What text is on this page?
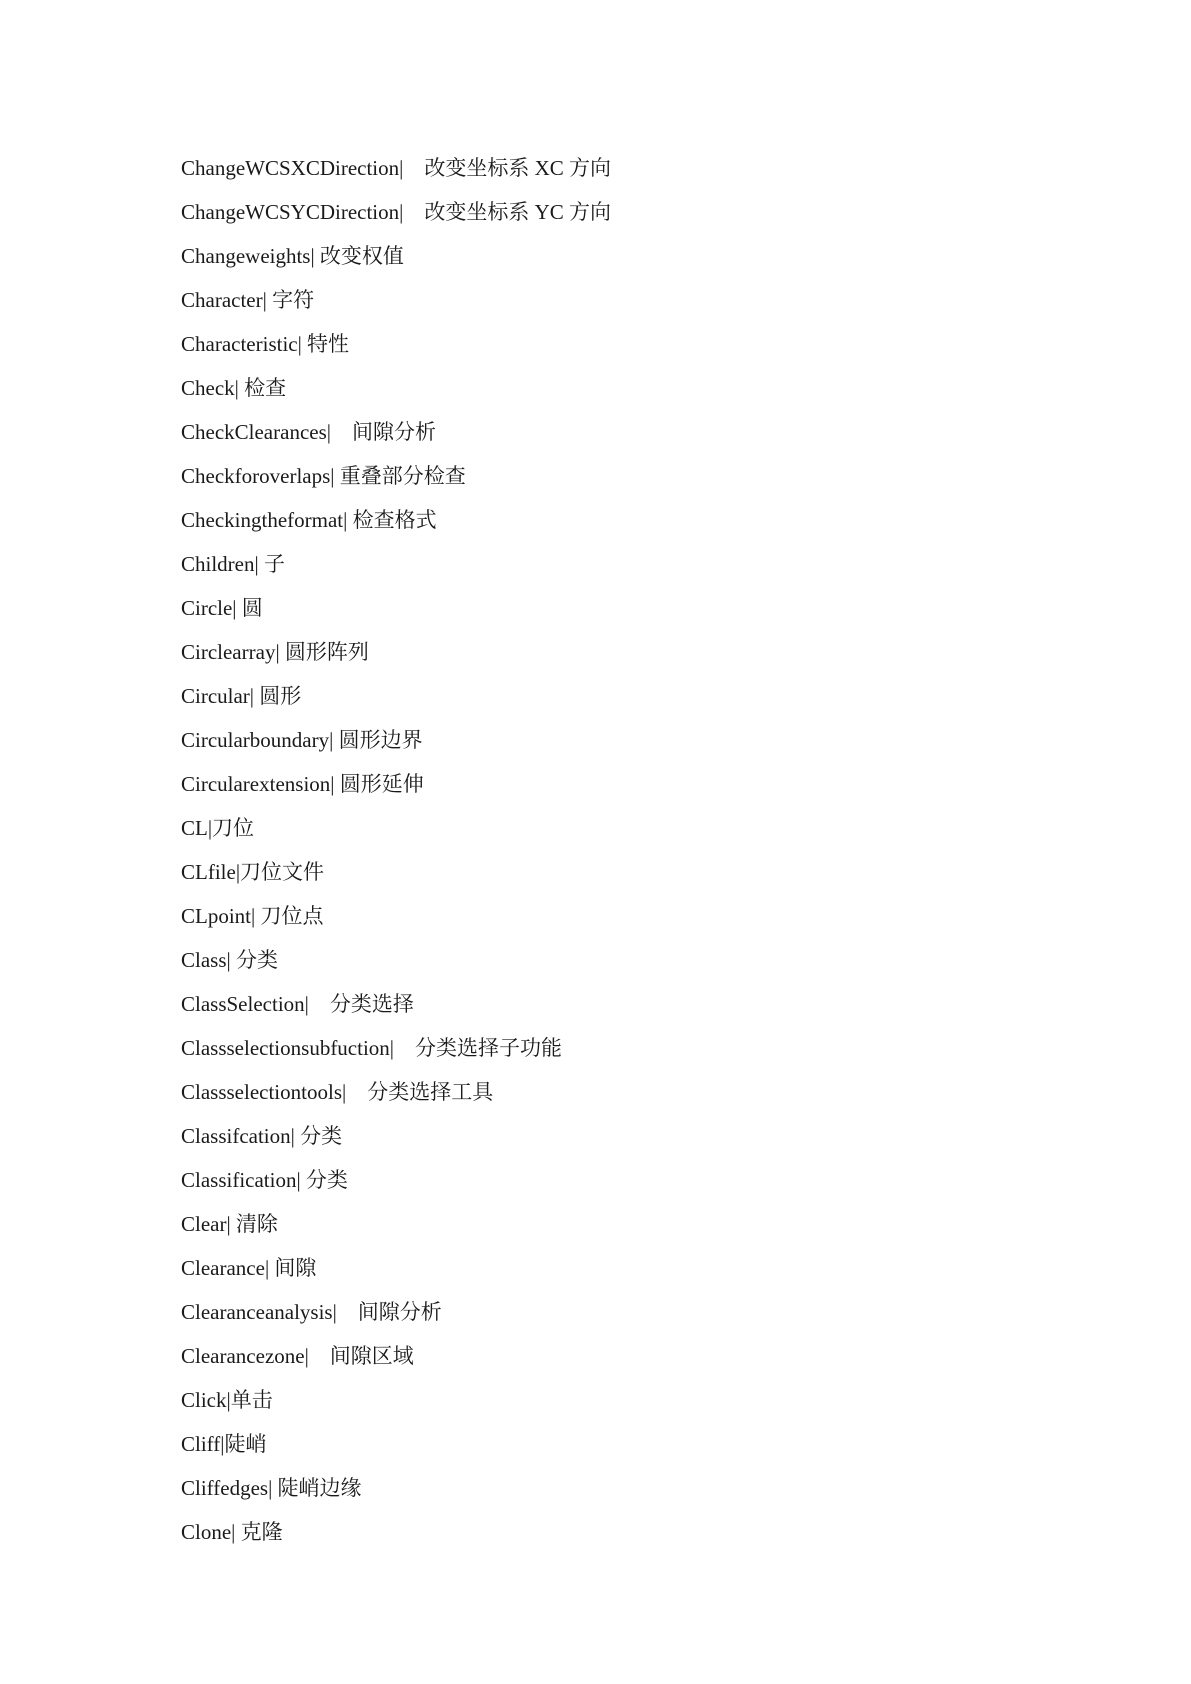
ChangeWCSXCDirection|　改变坐标系 XC 方向
ChangeWCSYCDirection|　改变坐标系 YC 方向
Changeweights| 改变权值
Character| 字符
Characteristic| 特性
Check| 检查
CheckClearances|　间隙分析
Checkforoverlaps| 重叠部分检查
Checkingtheformat| 检查格式
Children| 子
Circle| 圆
Circlearray| 圆形阵列
Circular| 圆形
Circularboundary| 圆形边界
Circularextension| 圆形延伸
CL|刀位
CLfile|刀位文件
CLpoint| 刀位点
Class| 分类
ClassSelection|　分类选择
Classselectionsubfuction|　分类选择子功能
Classselectiontools|　分类选择工具
Classifcation| 分类
Classification| 分类
Clear| 清除
Clearance| 间隙
Clearanceanalysis|　间隙分析
Clearancezone|　间隙区域
Click|单击
Cliff|陡峭
Cliffedges| 陡峭边缘
Clone| 克隆
